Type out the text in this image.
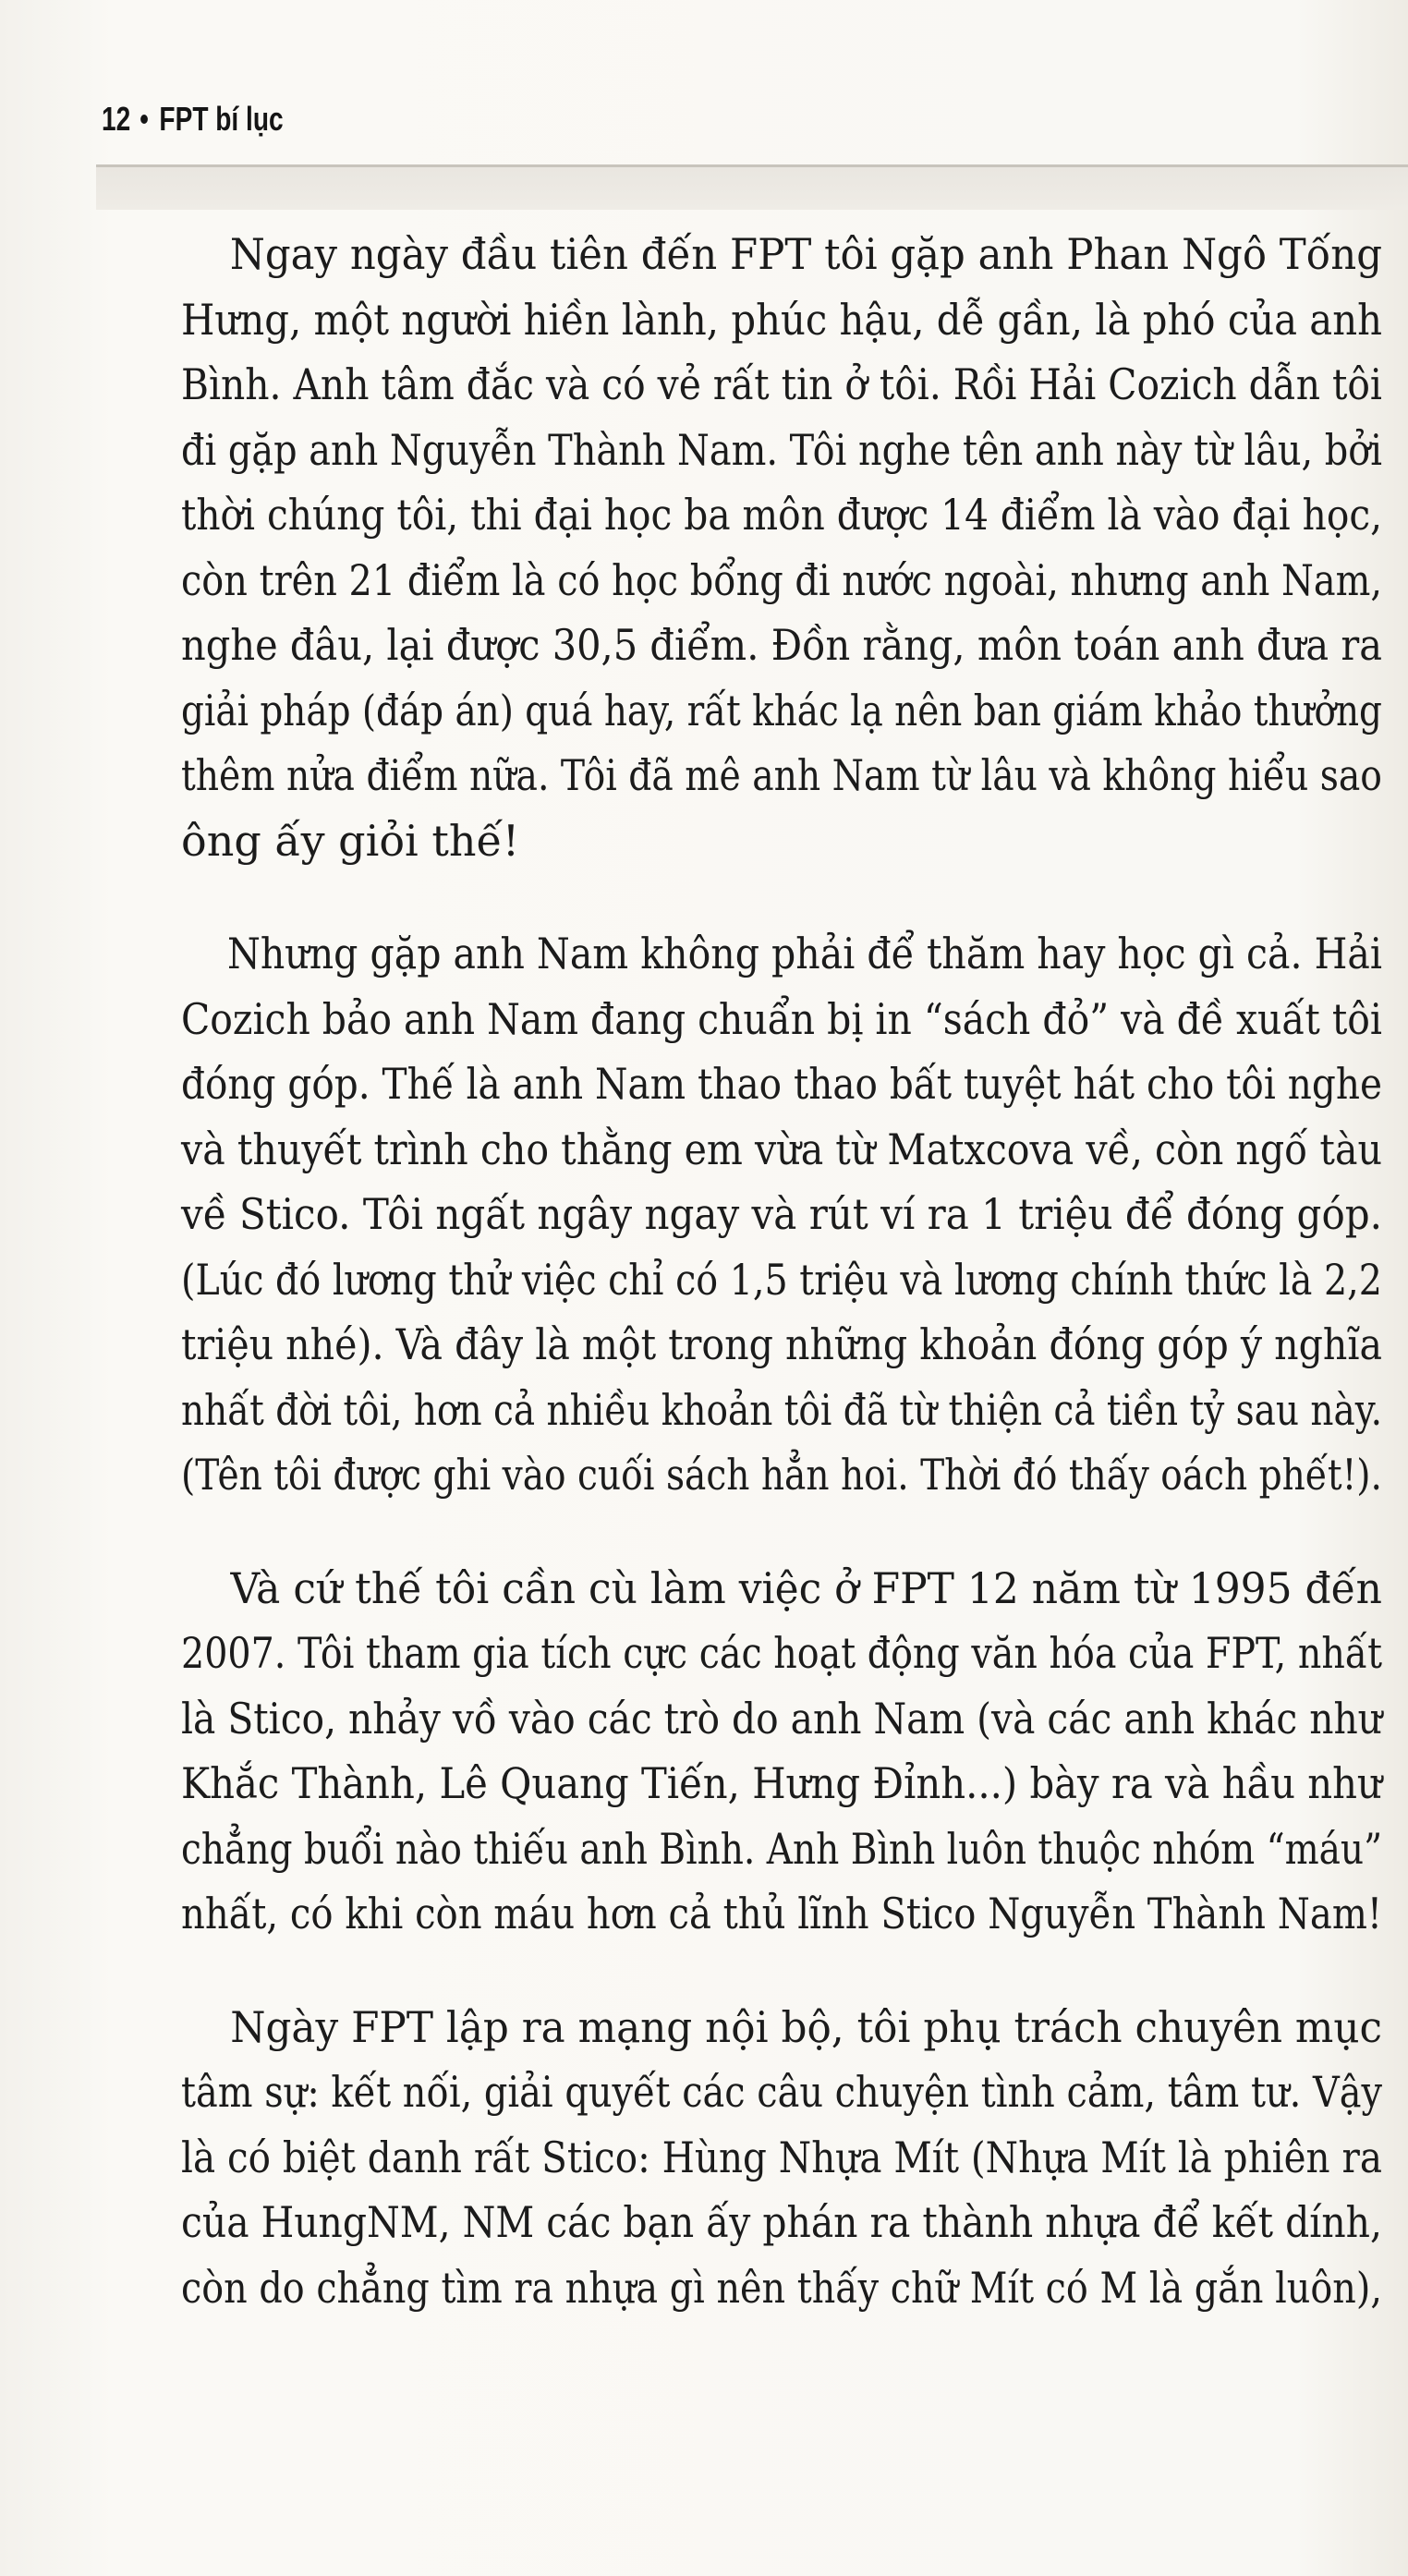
12 FPT bí lục

Ngay ngày đầu tiên đến FPT tôi gặp anh Phan Ngô Tống
Hưng, một người hiền lành, phúc hậu, dễ gần, là phó của anh
Bình. Anh tâm đắc và có vẻ rất tin ở tôi. Rồi Hải Cozich dẫn tôi
đi gặp anh Nguyễn Thành Nam. Tôi nghe tên anh này từ lâu, bởi
thời chúng tôi, thi đại học ba môn được 14 điểm là vào đại học,
còn trên 21 điểm là có học bổng đi nước ngoài, nhưng anh Nam,
nghe đâu, lại được 30,5 điểm. Đồn rằng, môn toán anh đưa ra
giải pháp (đáp án) quá hay, rất khác lạ nên ban giám khảo thưởng
thêm nửa điểm nữa. Tôi đã mê anh Nam từ lâu và không hiểu sao
ông ấy giỏi thế!

Nhưng gặp anh Nam không phải để thăm hay học gì cả. Hải
Cozich bảo anh Nam đang chuẩn bị in “sách đỏ” và đề xuất tôi
đóng góp. Thế là anh Nam thao thao bất tuyệt hát cho tôi nghe
và thuyết trình cho thằng em vừa từ Matxcova về, còn ngố tàu
về Stico. Tôi ngất ngây ngay và rút ví ra 1 triệu để đóng góp.
(Lúc đó lương thử việc chỉ có 1,5 triệu và lương chính thức là 2,2
triệu nhé). Và đây là một trong những khoản đóng góp ý nghĩa
nhất đời tôi, hơn cả nhiều khoản tôi đã từ thiện cả tiền tỷ sau này.
(Tên tôi được ghi vào cuối sách hẳn hoi. Thời đó thấy oách phết!).

Và cứ thế tôi cần cù làm việc ở FPT 12 năm từ 1995 đến
2007. Tôi tham gia tích cực các hoạt động văn hóa của FPT, nhất
là Stico, nhảy vồ vào các trò do anh Nam (và các anh khác như
Khắc Thành, Lê Quang Tiến, Hưng Đỉnh...) bày ra và hầu như
chẳng buổi nào thiếu anh Bình. Anh Bình luôn thuộc nhóm “máu”
nhất, có khi còn máu hơn cả thủ lĩnh Stico Nguyễn Thành Nam!

Ngày FPT lập ra mạng nội bộ, tôi phụ trách chuyên mục
tâm sự: kết nối, giải quyết các câu chuyện tình cảm, tâm tư. Vậy
là có biệt danh rất Stico: Hùng Nhựa Mít (Nhựa Mít là phiên ra
của HungNM, NM các bạn ấy phán ra thành nhựa để kết dính,
còn do chẳng tìm ra nhựa gì nên thấy chữ Mít có M là gắn luôn),
